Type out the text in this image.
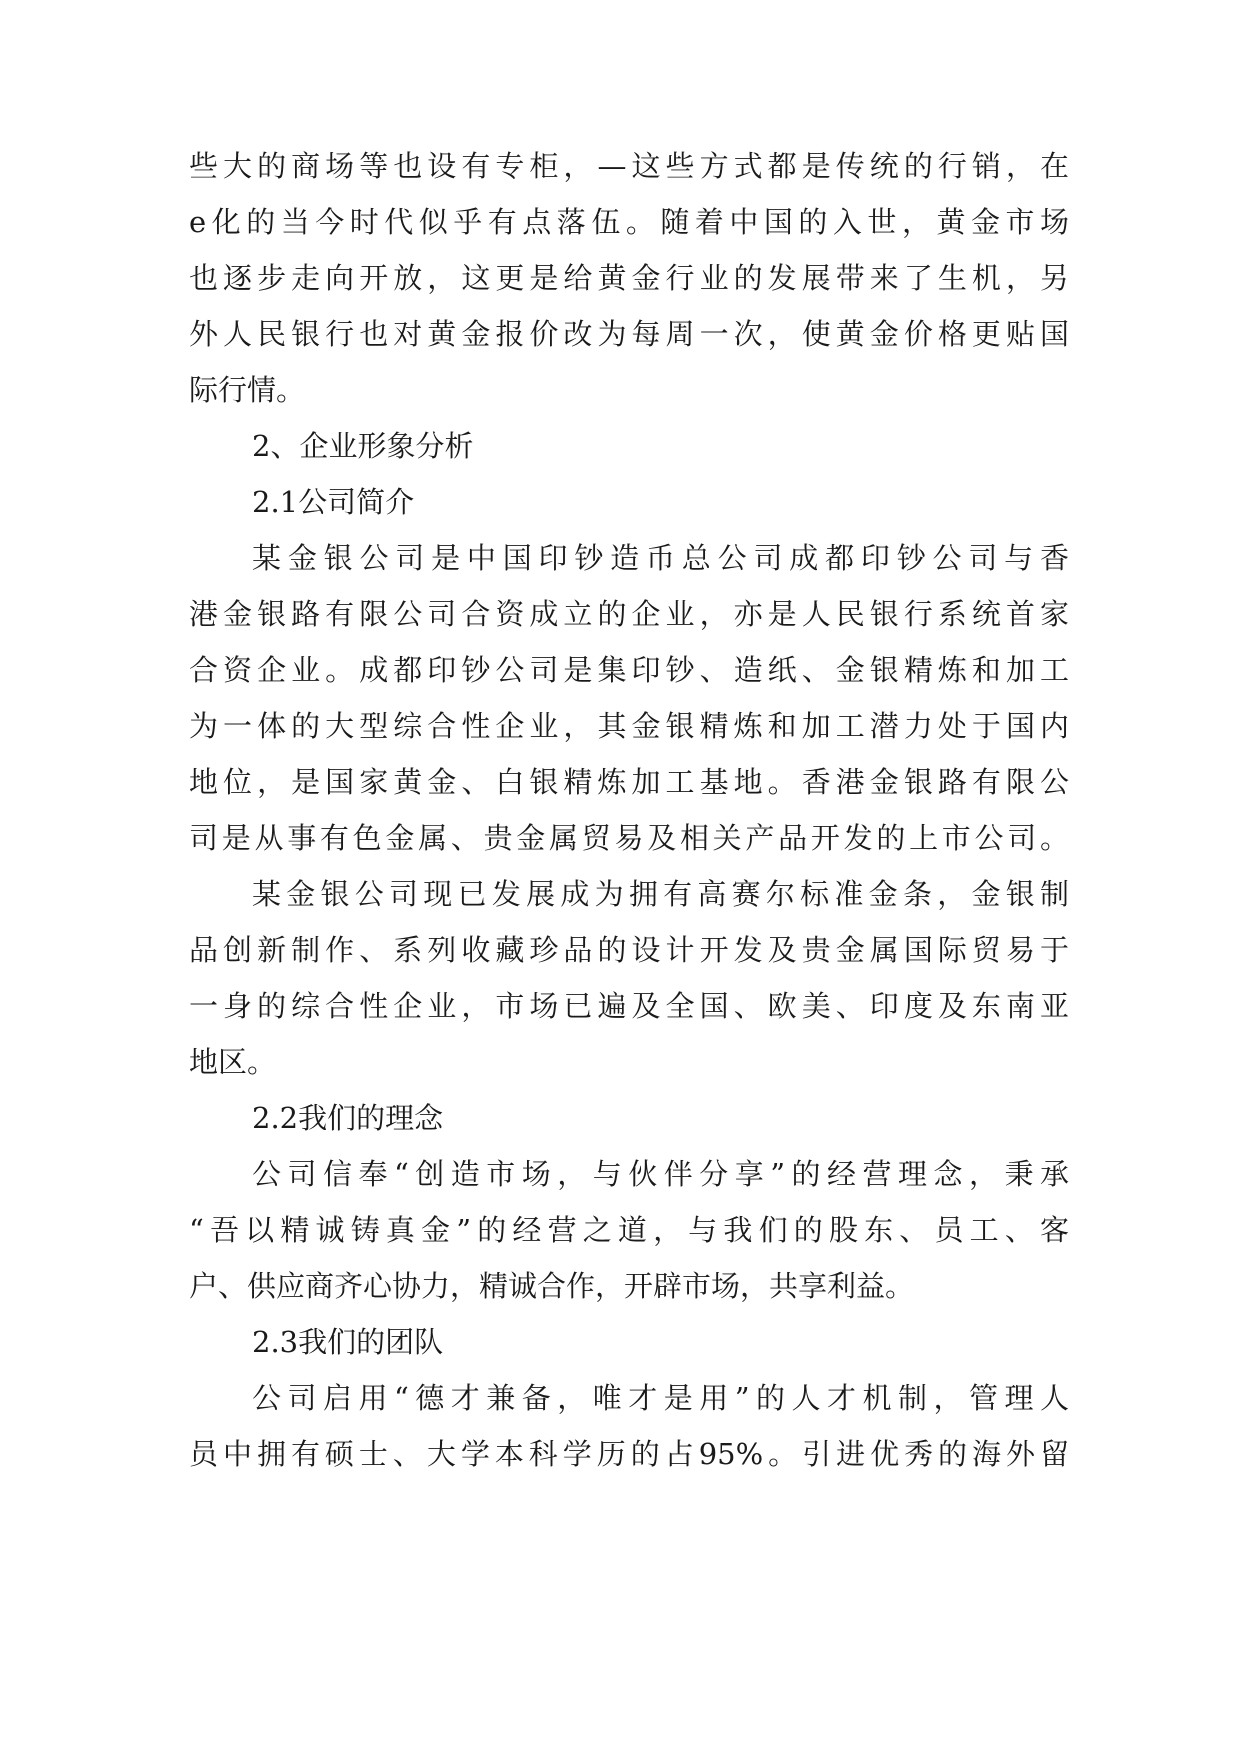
些大的商场等也设有专柜，—这些方式都是传统的行销，在
e化的当今时代似乎有点落伍。随着中国的入世，黄金市场
也逐步走向开放，这更是给黄金行业的发展带来了生机，另
外人民银行也对黄金报价改为每周一次，使黄金价格更贴国
际行情。
2、企业形象分析
2.1公司简介
某金银公司是中国印钞造币总公司成都印钞公司与香
港金银路有限公司合资成立的企业，亦是人民银行系统首家
合资企业。成都印钞公司是集印钞、造纸、金银精炼和加工
为一体的大型综合性企业，其金银精炼和加工潜力处于国内
地位，是国家黄金、白银精炼加工基地。香港金银路有限公
司是从事有色金属、贵金属贸易及相关产品开发的上市公司。
某金银公司现已发展成为拥有高赛尔标准金条，金银制
品创新制作、系列收藏珍品的设计开发及贵金属国际贸易于
一身的综合性企业，市场已遍及全国、欧美、印度及东南亚
地区。
2.2我们的理念
公司信奉“创造市场，与伙伴分享”的经营理念，秉承
“吾以精诚铸真金”的经营之道，与我们的股东、员工、客
户、供应商齐心协力，精诚合作，开辟市场，共享利益。
2.3我们的团队
公司启用“德才兼备，唯才是用”的人才机制，管理人
员中拥有硕士、大学本科学历的占95%。引进优秀的海外留
